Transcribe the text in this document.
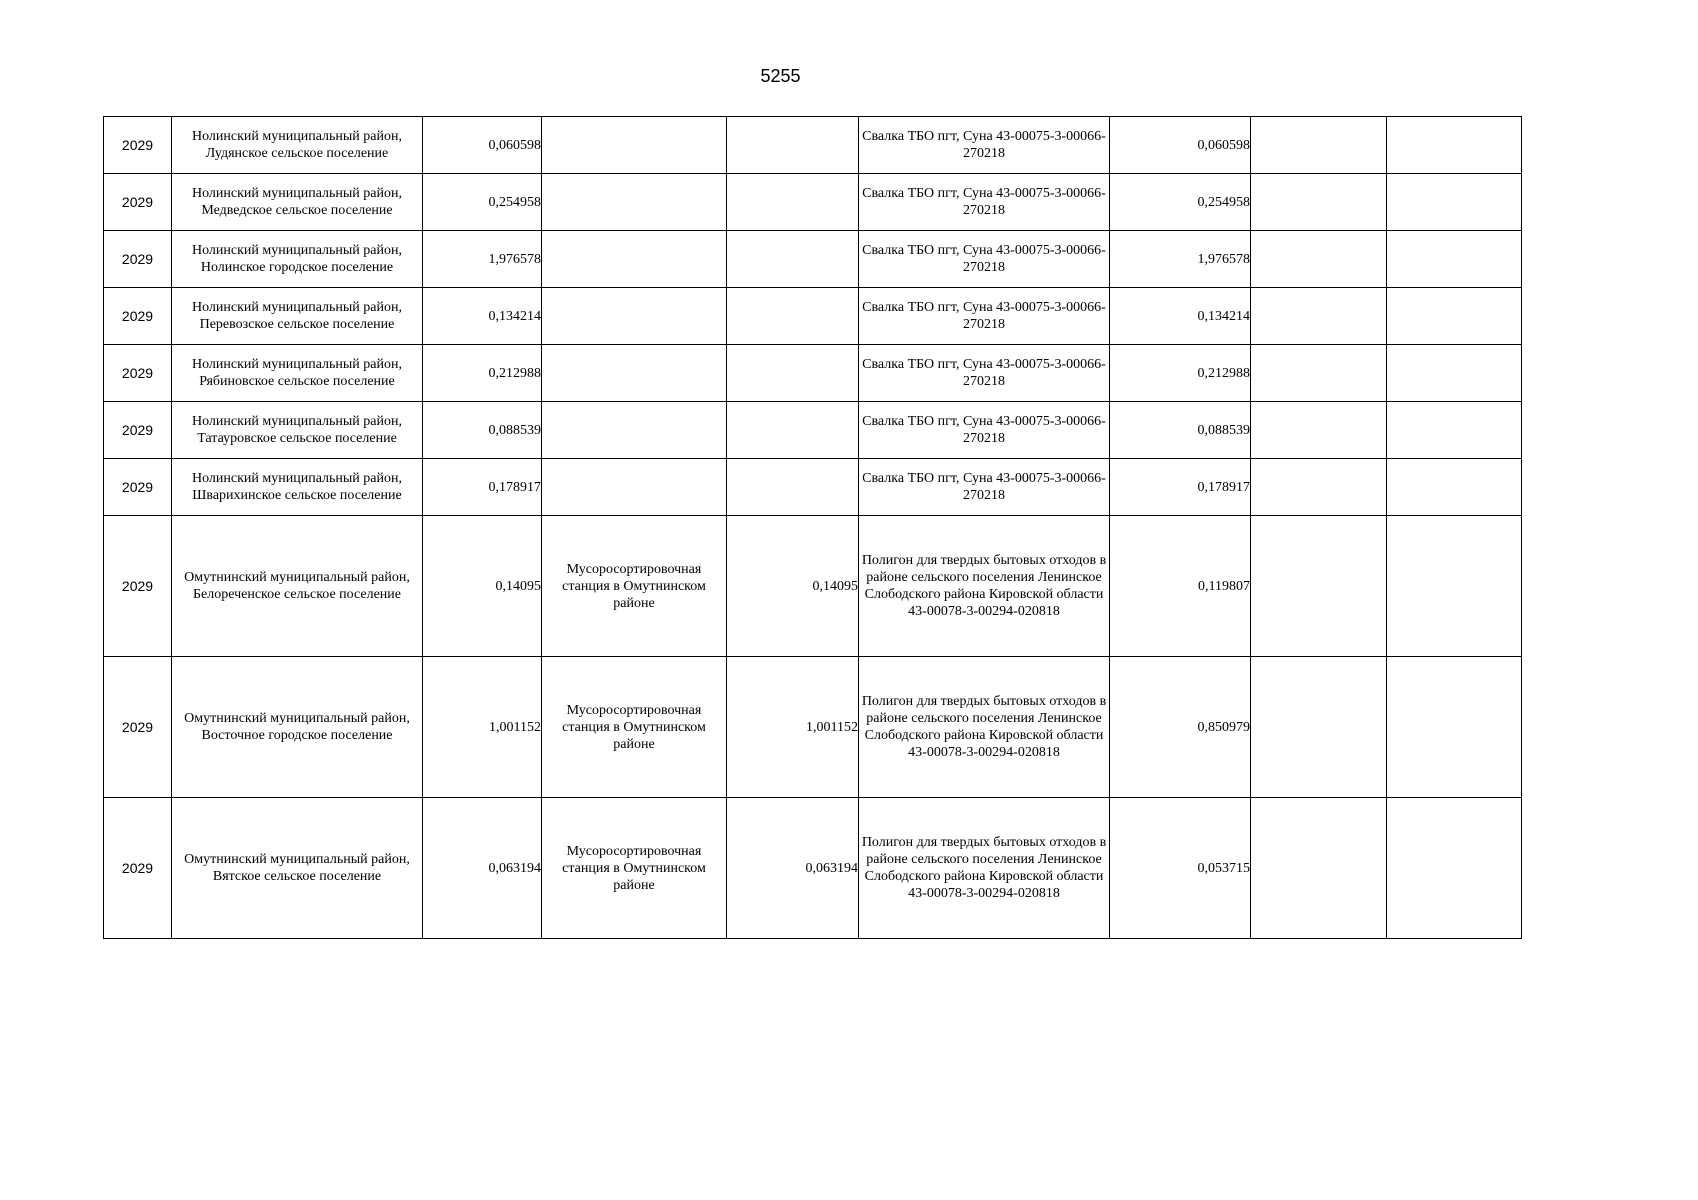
5255
2029	Нолинский муниципальный район, Лудянское сельское поселение	0,060598			Свалка ТБО пгт, Суна 43-00075-3-00066-270218	0,060598		
2029	Нолинский муниципальный район, Медведское сельское поселение	0,254958			Свалка ТБО пгт, Суна 43-00075-3-00066-270218	0,254958		
2029	Нолинский муниципальный район, Нолинское городское поселение	1,976578			Свалка ТБО пгт, Суна 43-00075-3-00066-270218	1,976578		
2029	Нолинский муниципальный район, Перевозское сельское поселение	0,134214			Свалка ТБО пгт, Суна 43-00075-3-00066-270218	0,134214		
2029	Нолинский муниципальный район, Рябиновское сельское поселение	0,212988			Свалка ТБО пгт, Суна 43-00075-3-00066-270218	0,212988		
2029	Нолинский муниципальный район, Татауровское сельское поселение	0,088539			Свалка ТБО пгт, Суна 43-00075-3-00066-270218	0,088539		
2029	Нолинский муниципальный район, Шварихинское сельское поселение	0,178917			Свалка ТБО пгт, Суна 43-00075-3-00066-270218	0,178917		
2029	Омутнинский муниципальный район, Белореченское сельское поселение	0,14095	Мусоросортировочная станция в Омутнинском районе	0,14095	Полигон для твердых бытовых отходов в районе сельского поселения Ленинское Слободского района Кировской области 43-00078-3-00294-020818	0,119807		
2029	Омутнинский муниципальный район, Восточное городское поселение	1,001152	Мусоросортировочная станция в Омутнинском районе	1,001152	Полигон для твердых бытовых отходов в районе сельского поселения Ленинское Слободского района Кировской области 43-00078-3-00294-020818	0,850979		
2029	Омутнинский муниципальный район, Вятское сельское поселение	0,063194	Мусоросортировочная станция в Омутнинском районе	0,063194	Полигон для твердых бытовых отходов в районе сельского поселения Ленинское Слободского района Кировской области 43-00078-3-00294-020818	0,053715		
